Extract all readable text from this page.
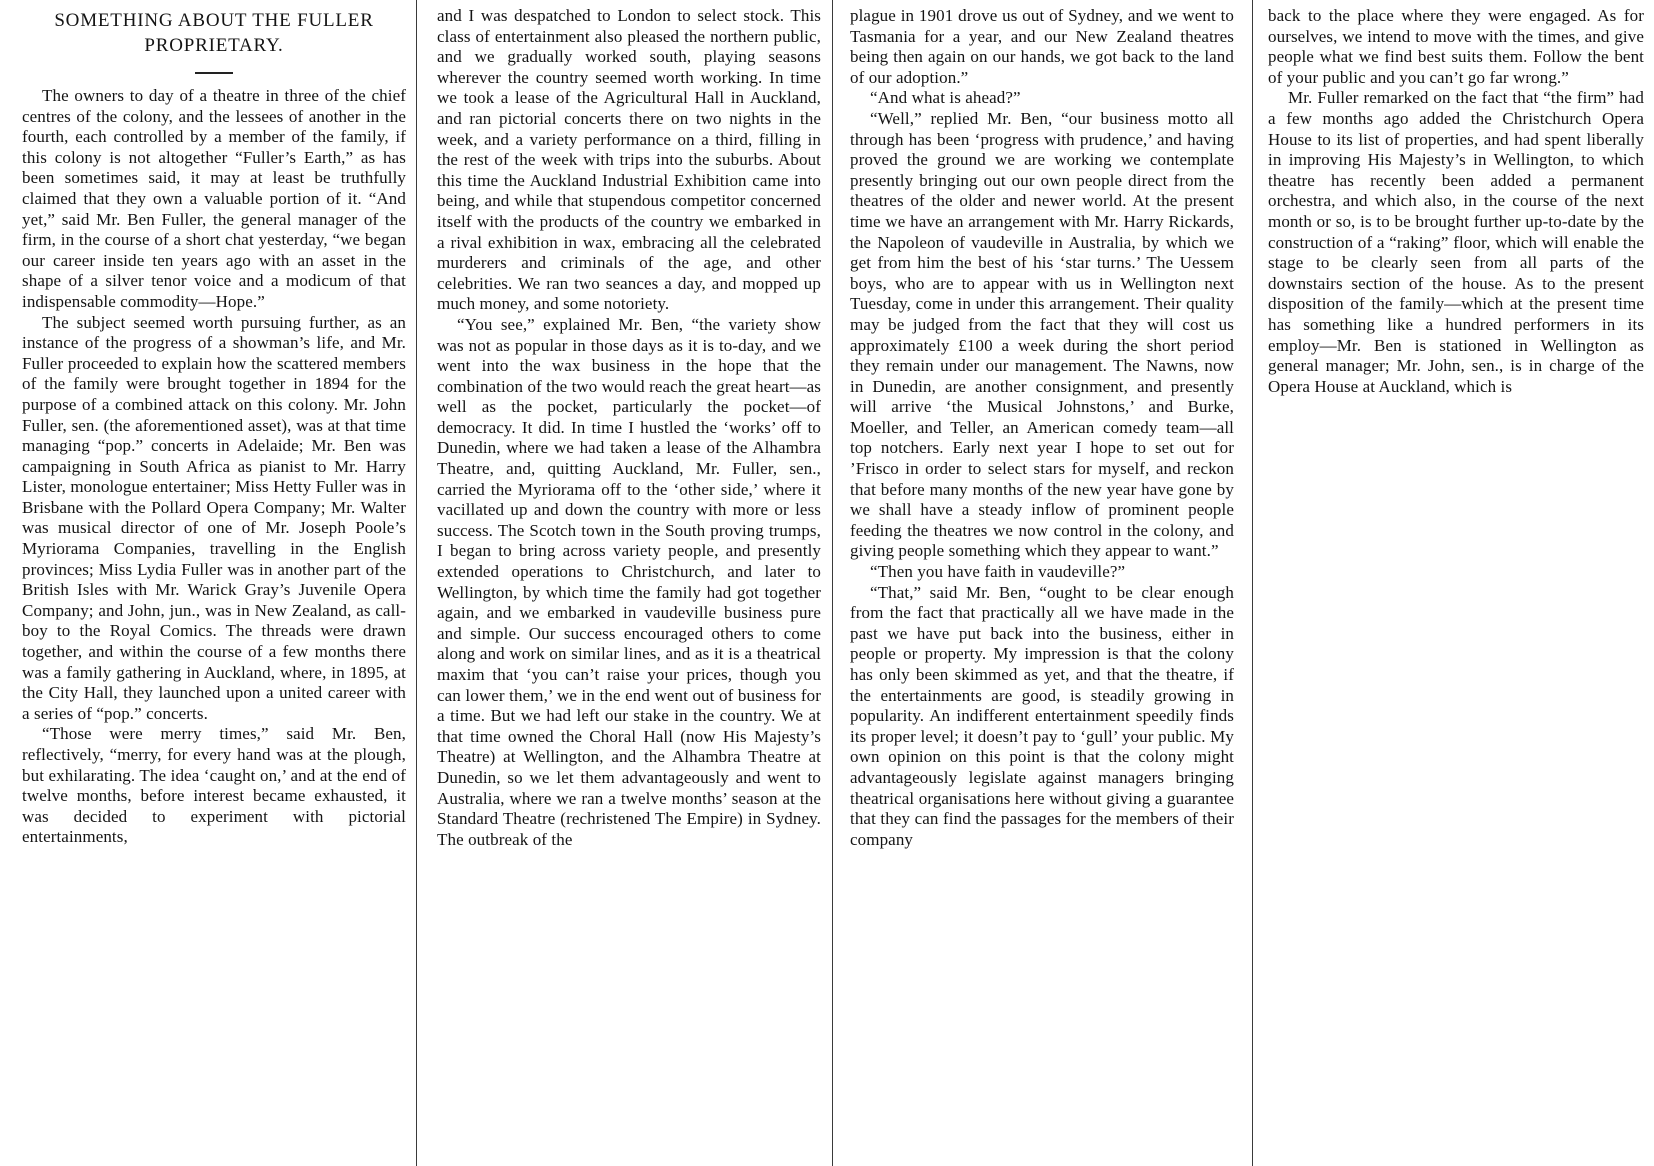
SOMETHING ABOUT THE FULLER PROPRIETARY.

The owners to day of a theatre in three of the chief centres of the colony, and the lessees of another in the fourth, each controlled by a member of the family, if this colony is not altogether “Fuller’s Earth,” as has been sometimes said, it may at least be truthfully claimed that they own a valuable portion of it. “And yet,” said Mr. Ben Fuller, the general manager of the firm, in the course of a short chat yesterday, “we began our career inside ten years ago with an asset in the shape of a silver tenor voice and a modicum of that indispensable commodity—Hope.”

The subject seemed worth pursuing further, as an instance of the progress of a showman’s life, and Mr. Fuller proceeded to explain how the scattered members of the family were brought together in 1894 for the purpose of a combined attack on this colony. Mr. John Fuller, sen. (the aforementioned asset), was at that time managing “pop.” concerts in Adelaide; Mr. Ben was campaigning in South Africa as pianist to Mr. Harry Lister, monologue entertainer; Miss Hetty Fuller was in Brisbane with the Pollard Opera Company; Mr. Walter was musical director of one of Mr. Joseph Poole’s Myriorama Companies, travelling in the English provinces; Miss Lydia Fuller was in another part of the British Isles with Mr. Warick Gray’s Juvenile Opera Company; and John, jun., was in New Zealand, as call-boy to the Royal Comics. The threads were drawn together, and within the course of a few months there was a family gathering in Auckland, where, in 1895, at the City Hall, they launched upon a united career with a series of “pop.” concerts.

“Those were merry times,” said Mr. Ben, reflectively, “merry, for every hand was at the plough, but exhilarating. The idea ‘caught on,’ and at the end of twelve months, before interest became exhausted, it was decided to experiment with pictorial entertainments,

and I was despatched to London to select stock. This class of entertainment also pleased the northern public, and we gradually worked south, playing seasons wherever the country seemed worth working. In time we took a lease of the Agricultural Hall in Auckland, and ran pictorial concerts there on two nights in the week, and a variety performance on a third, filling in the rest of the week with trips into the suburbs. About this time the Auckland Industrial Exhibition came into being, and while that stupendous competitor concerned itself with the products of the country we embarked in a rival exhibition in wax, embracing all the celebrated murderers and criminals of the age, and other celebrities. We ran two seances a day, and mopped up much money, and some notoriety.

“You see,” explained Mr. Ben, “the variety show was not as popular in those days as it is to-day, and we went into the wax business in the hope that the combination of the two would reach the great heart—as well as the pocket, particularly the pocket—of democracy. It did. In time I hustled the ‘works’ off to Dunedin, where we had taken a lease of the Alhambra Theatre, and, quitting Auckland, Mr. Fuller, sen., carried the Myriorama off to the ‘other side,’ where it vacillated up and down the country with more or less success. The Scotch town in the South proving trumps, I began to bring across variety people, and presently extended operations to Christchurch, and later to Wellington, by which time the family had got together again, and we embarked in vaudeville business pure and simple. Our success encouraged others to come along and work on similar lines, and as it is a theatrical maxim that ‘you can’t raise your prices, though you can lower them,’ we in the end went out of business for a time. But we had left our stake in the country. We at that time owned the Choral Hall (now His Majesty’s Theatre) at Wellington, and the Alhambra Theatre at Dunedin, so we let them advantageously and went to Australia, where we ran a twelve months’ season at the Standard Theatre (rechristened The Empire) in Sydney. The outbreak of the

plague in 1901 drove us out of Sydney, and we went to Tasmania for a year, and our New Zealand theatres being then again on our hands, we got back to the land of our adoption.”

“And what is ahead?”

“Well,” replied Mr. Ben, “our business motto all through has been ‘progress with prudence,’ and having proved the ground we are working we contemplate presently bringing out our own people direct from the theatres of the older and newer world. At the present time we have an arrangement with Mr. Harry Rickards, the Napoleon of vaudeville in Australia, by which we get from him the best of his ‘star turns.’ The Uessem boys, who are to appear with us in Wellington next Tuesday, come in under this arrangement. Their quality may be judged from the fact that they will cost us approximately £100 a week during the short period they remain under our management. The Nawns, now in Dunedin, are another consignment, and presently will arrive ‘the Musical Johnstons,’ and Burke, Moeller, and Teller, an American comedy team—all top notchers. Early next year I hope to set out for ’Frisco in order to select stars for myself, and reckon that before many months of the new year have gone by we shall have a steady inflow of prominent people feeding the theatres we now control in the colony, and giving people something which they appear to want.”

“Then you have faith in vaudeville?”

“That,” said Mr. Ben, “ought to be clear enough from the fact that practically all we have made in the past we have put back into the business, either in people or property. My impression is that the colony has only been skimmed as yet, and that the theatre, if the entertainments are good, is steadily growing in popularity. An indifferent entertainment speedily finds its proper level; it doesn’t pay to ‘gull’ your public. My own opinion on this point is that the colony might advantageously legislate against managers bringing theatrical organisations here without giving a guarantee that they can find the passages for the members of their company

back to the place where they were engaged. As for ourselves, we intend to move with the times, and give people what we find best suits them. Follow the bent of your public and you can’t go far wrong.”

Mr. Fuller remarked on the fact that “the firm” had a few months ago added the Christchurch Opera House to its list of properties, and had spent liberally in improving His Majesty’s in Wellington, to which theatre has recently been added a permanent orchestra, and which also, in the course of the next month or so, is to be brought further up-to-date by the construction of a “raking” floor, which will enable the stage to be clearly seen from all parts of the downstairs section of the house. As to the present disposition of the family—which at the present time has something like a hundred performers in its employ—Mr. Ben is stationed in Wellington as general manager; Mr. John, sen., is in charge of the Opera House at Auckland, which is
